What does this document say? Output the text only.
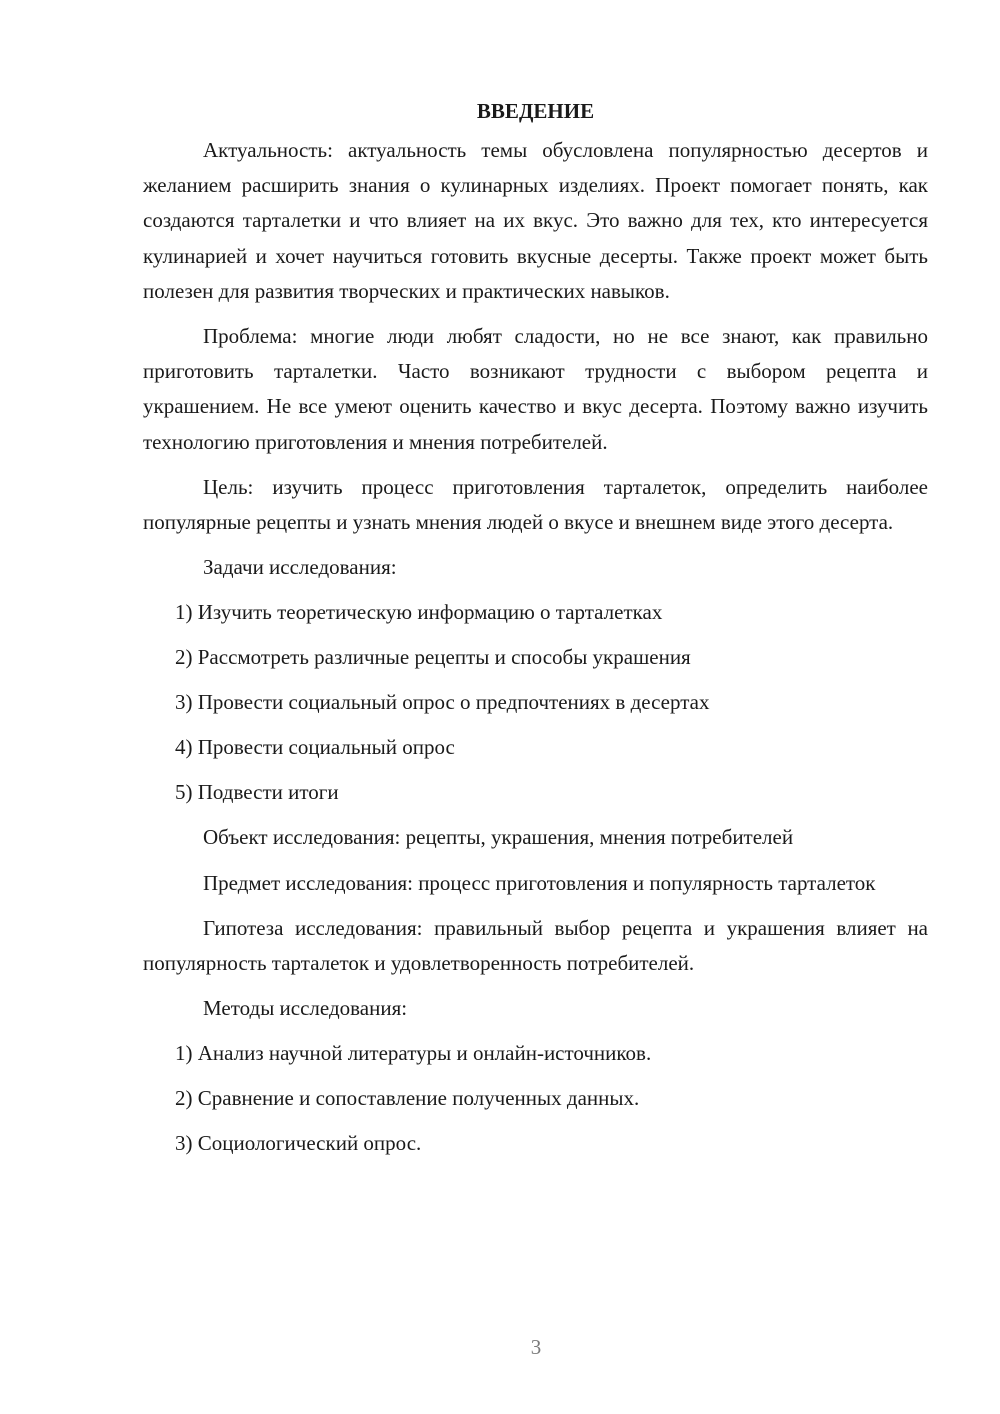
ВВЕДЕНИЕ

Актуальность: актуальность темы обусловлена популярностью десертов и желанием расширить знания о кулинарных изделиях. Проект помогает понять, как создаются тарталетки и что влияет на их вкус. Это важно для тех, кто интересуется кулинарией и хочет научиться готовить вкусные десерты. Также проект может быть полезен для развития творческих и практических навыков.

Проблема: многие люди любят сладости, но не все знают, как правильно приготовить тарталетки. Часто возникают трудности с выбором рецепта и украшением. Не все умеют оценить качество и вкус десерта. Поэтому важно изучить технологию приготовления и мнения потребителей.

Цель: изучить процесс приготовления тарталеток, определить наиболее популярные рецепты и узнать мнения людей о вкусе и внешнем виде этого десерта.

Задачи исследования:

1) Изучить теоретическую информацию о тарталетках
2) Рассмотреть различные рецепты и способы украшения
3) Провести социальный опрос о предпочтениях в десертах
4) Провести социальный опрос
5) Подвести итоги

Объект исследования: рецепты, украшения, мнения потребителей

Предмет исследования: процесс приготовления и популярность тарталеток

Гипотеза исследования: правильный выбор рецепта и украшения влияет на популярность тарталеток и удовлетворенность потребителей.

Методы исследования:

1) Анализ научной литературы и онлайн-источников.
2) Сравнение и сопоставление полученных данных.
3) Социологический опрос.
3
